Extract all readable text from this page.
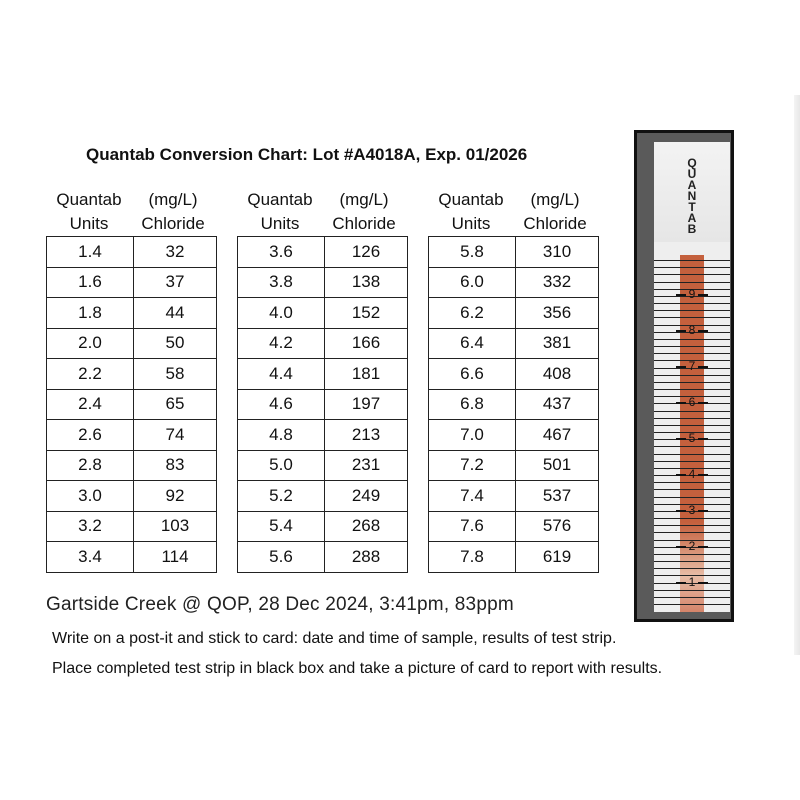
Quantab Conversion Chart: Lot #A4018A, Exp. 01/2026
Quantab
Units
(mg/L)
Chloride
Quantab
Units
(mg/L)
Chloride
Quantab
Units
(mg/L)
Chloride
1.4	32
1.6	37
1.8	44
2.0	50
2.2	58
2.4	65
2.6	74
2.8	83
3.0	92
3.2	103
3.4	114
3.6	126
3.8	138
4.0	152
4.2	166
4.4	181
4.6	197
4.8	213
5.0	231
5.2	249
5.4	268
5.6	288
5.8	310
6.0	332
6.2	356
6.4	381
6.6	408
6.8	437
7.0	467
7.2	501
7.4	537
7.6	576
7.8	619
Q
U
A
N
T
A
B
9
8
7
6
5
4
3
2
1
Gartside Creek @ QOP, 28 Dec 2024, 3:41pm, 83ppm
Write on a post-it and stick to card: date and time of sample, results of test strip.
Place completed test strip in black box and take a picture of card to report with results.
